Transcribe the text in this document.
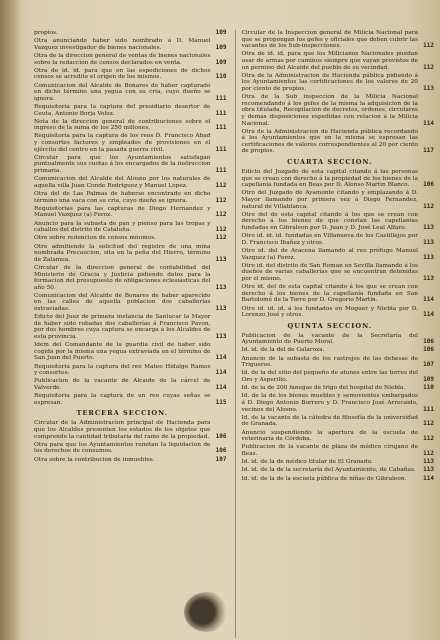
propios.	109
Otra anunciando haber sido nombrado á D. Manuel Vazquez investigador de bienes nacionales.	109
Otra de la direccion general de ventas de bienes nacionales sobre la redaccion de censos declarados en venta.	109
Otra de id. id. para que en las espediciones de dichos censos se acredite el origen de los mismos.	110
Comunicacion del Alcalde de Bonares de haber capturado en dicho término una yegua con su cria, cuyo dueño se ignora.	111
Requisitoria para la captura del presidiario desertor de Ceuta, Antonio Borja Velez.	111
Nota de la direccion general de contribuciones sobre el ingreso de la suma de los 250 millones.	111
Requisitoria para la captura de los reos D. Francisco Abad y consortes factores y empleados de provisiones en el ejército del centro en la pasada guerra civil.	111
Circular para que los Ayuntamientos satisfagan puntualmente sus cuotas á los encargados de la instruccion primaria.	111
Comunicacion del Alcalde del Alosno por los naturales de aquella villa Juan Conde Rodriguez y Manuel Lopez.	112
Otra del de Las Palmas de haberse encontrado en dicho término una vaca con su cria, cuyo dueño se ignora.	112
Requisitorias para las capturas de Diego Hernandez y Manuel Vazquez (a) Feroz.	112
Anuncio para la subasta de pan y pienso para las tropas y caballos del distrito de Cataluña.	112
Otro sobre redencion de censos mínimos.	112
Otro admitiendo la solicitud del registro de una mina nombrada Precaucion, sita en la peña del Hierro, término de Zalamea.	113
Circular de la direccion general de contabilidad del Ministerio de Gracia y Justicia pidiendo datos para la formacion del presupuesto de obligaciones eclesiásticas del año 50.	113
Comunicacion del Alcalde de Bonares de haber aparecido en las calles de aquella poblacion dos caballerías extraviadas.	113
Edicto del Juez de primera instancia de Sanlucar la Mayor de haber sido robadas dos caballerías á Francisco Pavon, por dos hombres cuya captura se encarga á los Alcaldes de esta provincia.	113
Idem del Comandante de la guardia civil de haber sido cogida por la misma una yegua extraviada en el término de San Juan del Puerto.	114
Requisitoria para la captura del reo Mateo Hidalgo Ramos y consortes.	114
Publicacion de la vacante de Alcaide de la cárcel de Valverde.	114
Requisitoria para la captura de un reo cuyas señas se espresan.	115
TERCERA SECCION.
Circular de la Administracion principal de Hacienda para que los Alcaldes presenten los estados de los objetos que comprende la cantidad tributaria del ramo de la propiedad. 106
Otra para que los Ayuntamientos remitan la liquidacion de los derechos de consumos.	106
Otra sobre la contribucion de inmuebles.	107
Circular de la Inspeccion general de Milicia Nacional para que se propongan los gefes y oficiales que deben cubrir las vacantes de los Sub-inspecciones.	112
Otra de id. id. para que los Milicianos Nacionales puedan usar de armas por caminos siempre que vayan provistos de un permiso del Alcalde del pueblo de su vecindad.	112
Otra de la Administracion de Hacienda pública pidiendo á los Ayuntamientos las certificaciones de los valores de 20 por ciento de propios.	113
Otra de la Sub inspeccion de la Milicia Nacional recomendando á los gefes de la misma la adquisicion de la obra titulada, Recopilacion de decretos, ordenes, circulares y demas disposiciones espedidas con relacion á la Milicia Nacional.	114
Otra de la Administracion de Hacienda pública recordando á los Ayuntamientos que en la misma se espresan las certificaciones de valores correspondientes al 20 por ciento de propios.	117
CUARTA SECCION.
Edicto del Juzgado de esta capital citando á las personas que se crean con derecho á la propiedad de los bienes de la capellanía fundada en Beas por D. Alonso Martin Blanco. 106
Otro del Juzgado de Ayamonte citando y emplazando á D. Mayor llamando por primera vez á Diego Fernandez, natural de Villablanca.	112
Otro del de esta capital citando á los que se crean con derecho á los bienes de que constan las capellanías fundadas en Gibraleon por D. Juan y D. José Leal Alfaro.	113
Otro id. id. id. fundadas en Villanueva de los Castillejos por D. Francisco Ibañez y otros.	113
Otro id. del de Aracena llamando al reo prófugo Manuel Vazquez (a) Feroz.	113
Otro id. del distrito de San Roman en Sevilla llamando á los dueños de varias caballerías que se encuentran detenidas por el mismo.	113
Otro id. del de esta capital citando á los que se crean con derecho á los bienes de la capellanía fundada en San Bartolomé de la Torre por D. Gregorio Martin.	114
Otro id. id. id. á los fundados en Moguer y Niebla por D. Lorenzo José y otros.	114
QUINTA SECCION.
Publicacion de la vacante de la Secretaría del Ayuntamiento de Puerto Moral.	106
Id. id. de la del de Galaroza.	106
Anuncio de la subasta de los rastrojos de las dehesas de Trigueros.	107
Id. de la del sitio del pequeño de atunes entre las torres del Oro y Asperillo.	109
Id. de la de 200 fanegas de trigo del hospital de Niebla.	110
Id. de la de los bienes muebles y semovientes embargados á D. Diego Antonio Borrero y D. Francisco José Arrecaido, vecinos del Alosno.	111
Id. de la vacante de la cátedra de filosofía de la universidad de Granada.	112
Anuncio suspendiendo la apertura de la escuela de veterinaria de Córdoba.	112
Publicacion de la vacante de plaza de médico cirujano de Beas.	112
Id. id. de la de médico titular de El Granado.	113
Id. id. de la de la secretaría del Ayuntamiento, de Cabañas. 113
Id. id. de la de la escuela pública de niñas de Gibraleon.	114
